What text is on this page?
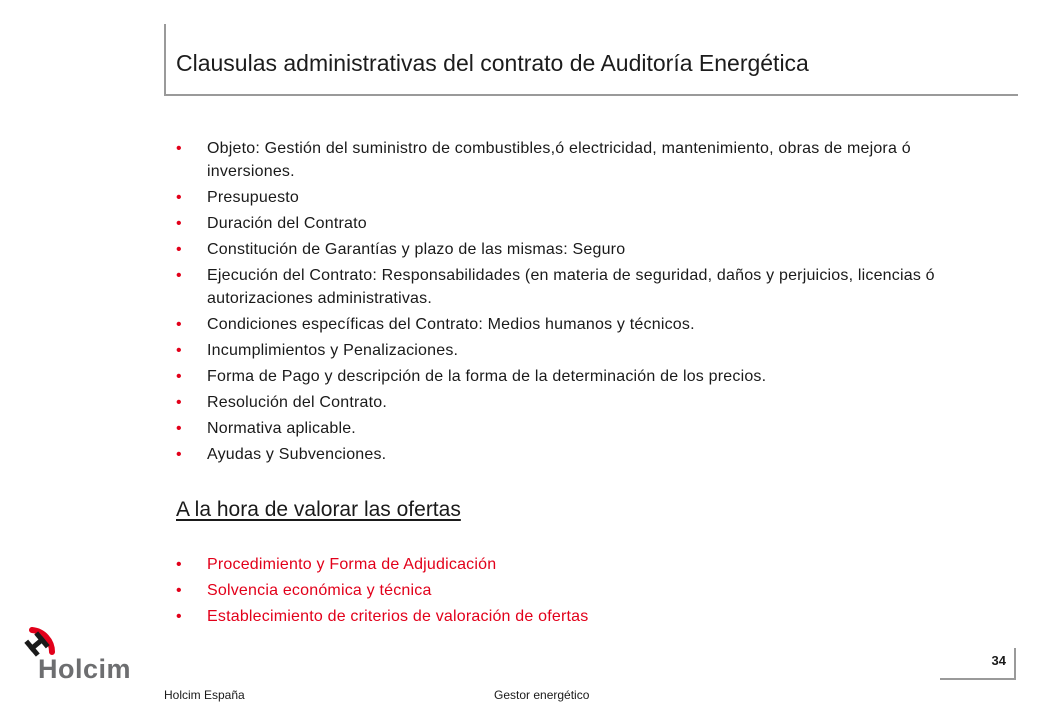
Clausulas administrativas del contrato de Auditoría Energética
• Objeto: Gestión del suministro de combustibles,ó electricidad, mantenimiento, obras de mejora ó inversiones.
• Presupuesto
• Duración del Contrato
• Constitución de Garantías y plazo de las mismas: Seguro
• Ejecución del Contrato: Responsabilidades (en materia de seguridad, daños y perjuicios, licencias ó autorizaciones administrativas.
• Condiciones específicas del Contrato: Medios humanos y técnicos.
• Incumplimientos y Penalizaciones.
• Forma de Pago y descripción de la forma de la determinación de los precios.
• Resolución del Contrato.
• Normativa aplicable.
• Ayudas y Subvenciones.
A la hora de valorar las ofertas
• Procedimiento y Forma de Adjudicación
• Solvencia económica y técnica
• Establecimiento de criterios de valoración de ofertas
Holcim	34
Holcim España	Gestor energético
